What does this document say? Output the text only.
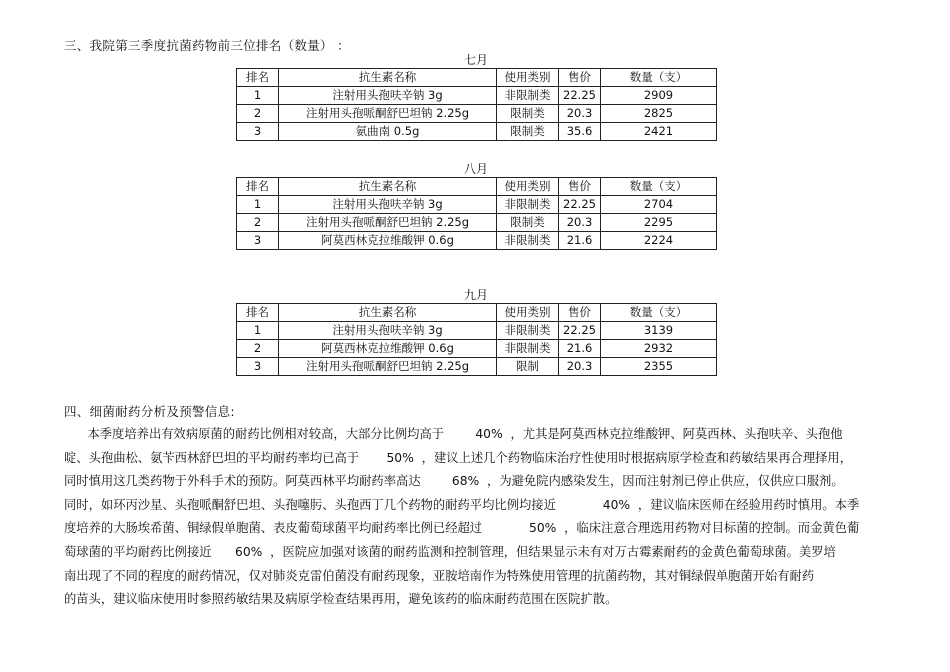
三、我院第三季度抗菌药物前三位排名（数量） ：
七月
排名	抗生素名称	使用类别	售价	数量（支）
1	注射用头孢呋辛钠 3g	非限制类	22.25	2909
2	注射用头孢哌酮舒巴坦钠 2.25g	限制类	20.3	2825
3	氨曲南 0.5g	限制类	35.6	2421
八月
排名	抗生素名称	使用类别	售价	数量（支）
1	注射用头孢呋辛钠 3g	非限制类	22.25	2704
2	注射用头孢哌酮舒巴坦钠 2.25g	限制类	20.3	2295
3	阿莫西林克拉维酸钾 0.6g	非限制类	21.6	2224
九月
排名	抗生素名称	使用类别	售价	数量（支）
1	注射用头孢呋辛钠 3g	非限制类	22.25	3139
2	阿莫西林克拉维酸钾 0.6g	非限制类	21.6	2932
3	注射用头孢哌酮舒巴坦钠 2.25g	限制	20.3	2355
四、细菌耐药分析及预警信息:

本季度培养出有效病原菌的耐药比例相对较高，大部分比例均高于        40%  ，尤其是阿莫西林克拉维酸钾、阿莫西林、头孢呋辛、头孢他

啶、头孢曲松、氨苄西林舒巴坦的平均耐药率均已高于       50%  ，建议上述几个药物临床治疗性使用时根据病原学检查和药敏结果再合理择用，

同时慎用这几类药物于外科手术的预防。阿莫西林平均耐药率高达        68%  ，为避免院内感染发生，因而注射剂已停止供应，仅供应口服剂。

同时，如环丙沙星、头孢哌酮舒巴坦、头孢噻肟、头孢西丁几个药物的耐药平均比例均接近            40%  ，建议临床医师在经验用药时慎用。本季

度培养的大肠埃希菌、铜绿假单胞菌、表皮葡萄球菌平均耐药率比例已经超过            50%  ，临床注意合理选用药物对目标菌的控制。而金黄色葡

萄球菌的平均耐药比例接近      60%  ，医院应加强对该菌的耐药监测和控制管理，但结果显示未有对万古霉素耐药的金黄色葡萄球菌。美罗培

南出现了不同的程度的耐药情况，仅对肺炎克雷伯菌没有耐药现象，亚胺培南作为特殊使用管理的抗菌药物，其对铜绿假单胞菌开始有耐药

的苗头，建议临床使用时参照药敏结果及病原学检查结果再用，避免该药的临床耐药范围在医院扩散。
